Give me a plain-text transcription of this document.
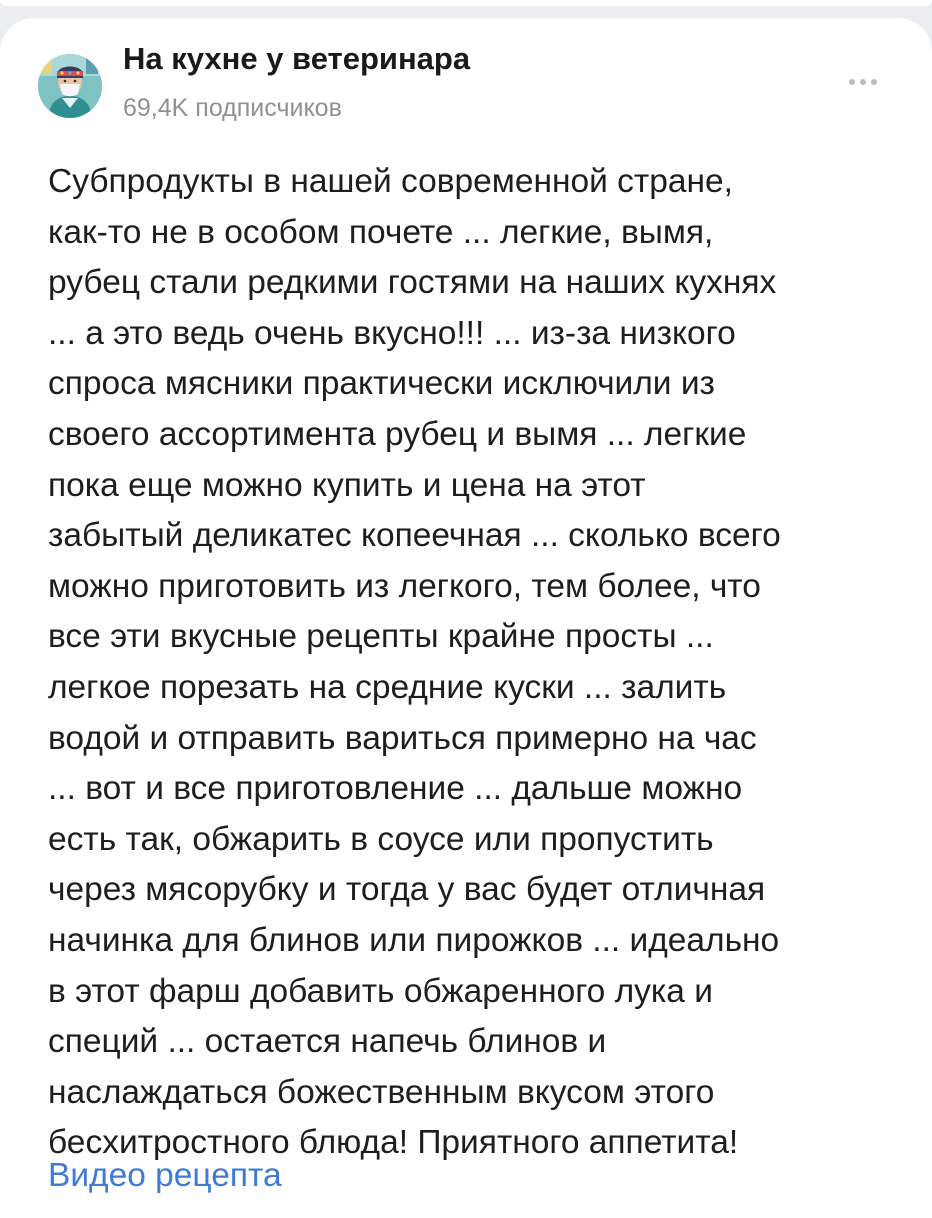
На кухне у ветеринара
69,4K подписчиков

Субпродукты в нашей современной стране,
как-то не в особом почете ... легкие, вымя,
рубец стали редкими гостями на наших кухнях
... а это ведь очень вкусно!!! ... из-за низкого
спроса мясники практически исключили из
своего ассортимента рубец и вымя ... легкие
пока еще можно купить и цена на этот
забытый деликатес копеечная ... сколько всего
можно приготовить из легкого, тем более, что
все эти вкусные рецепты крайне просты ...
легкое порезать на средние куски ... залить
водой и отправить вариться примерно на час
... вот и все приготовление ... дальше можно
есть так, обжарить в соусе или пропустить
через мясорубку и тогда у вас будет отличная
начинка для блинов или пирожков ... идеально
в этот фарш добавить обжаренного лука и
специй ... остается напечь блинов и
наслаждаться божественным вкусом этого
бесхитростного блюда! Приятного аппетита!

Видео рецепта
